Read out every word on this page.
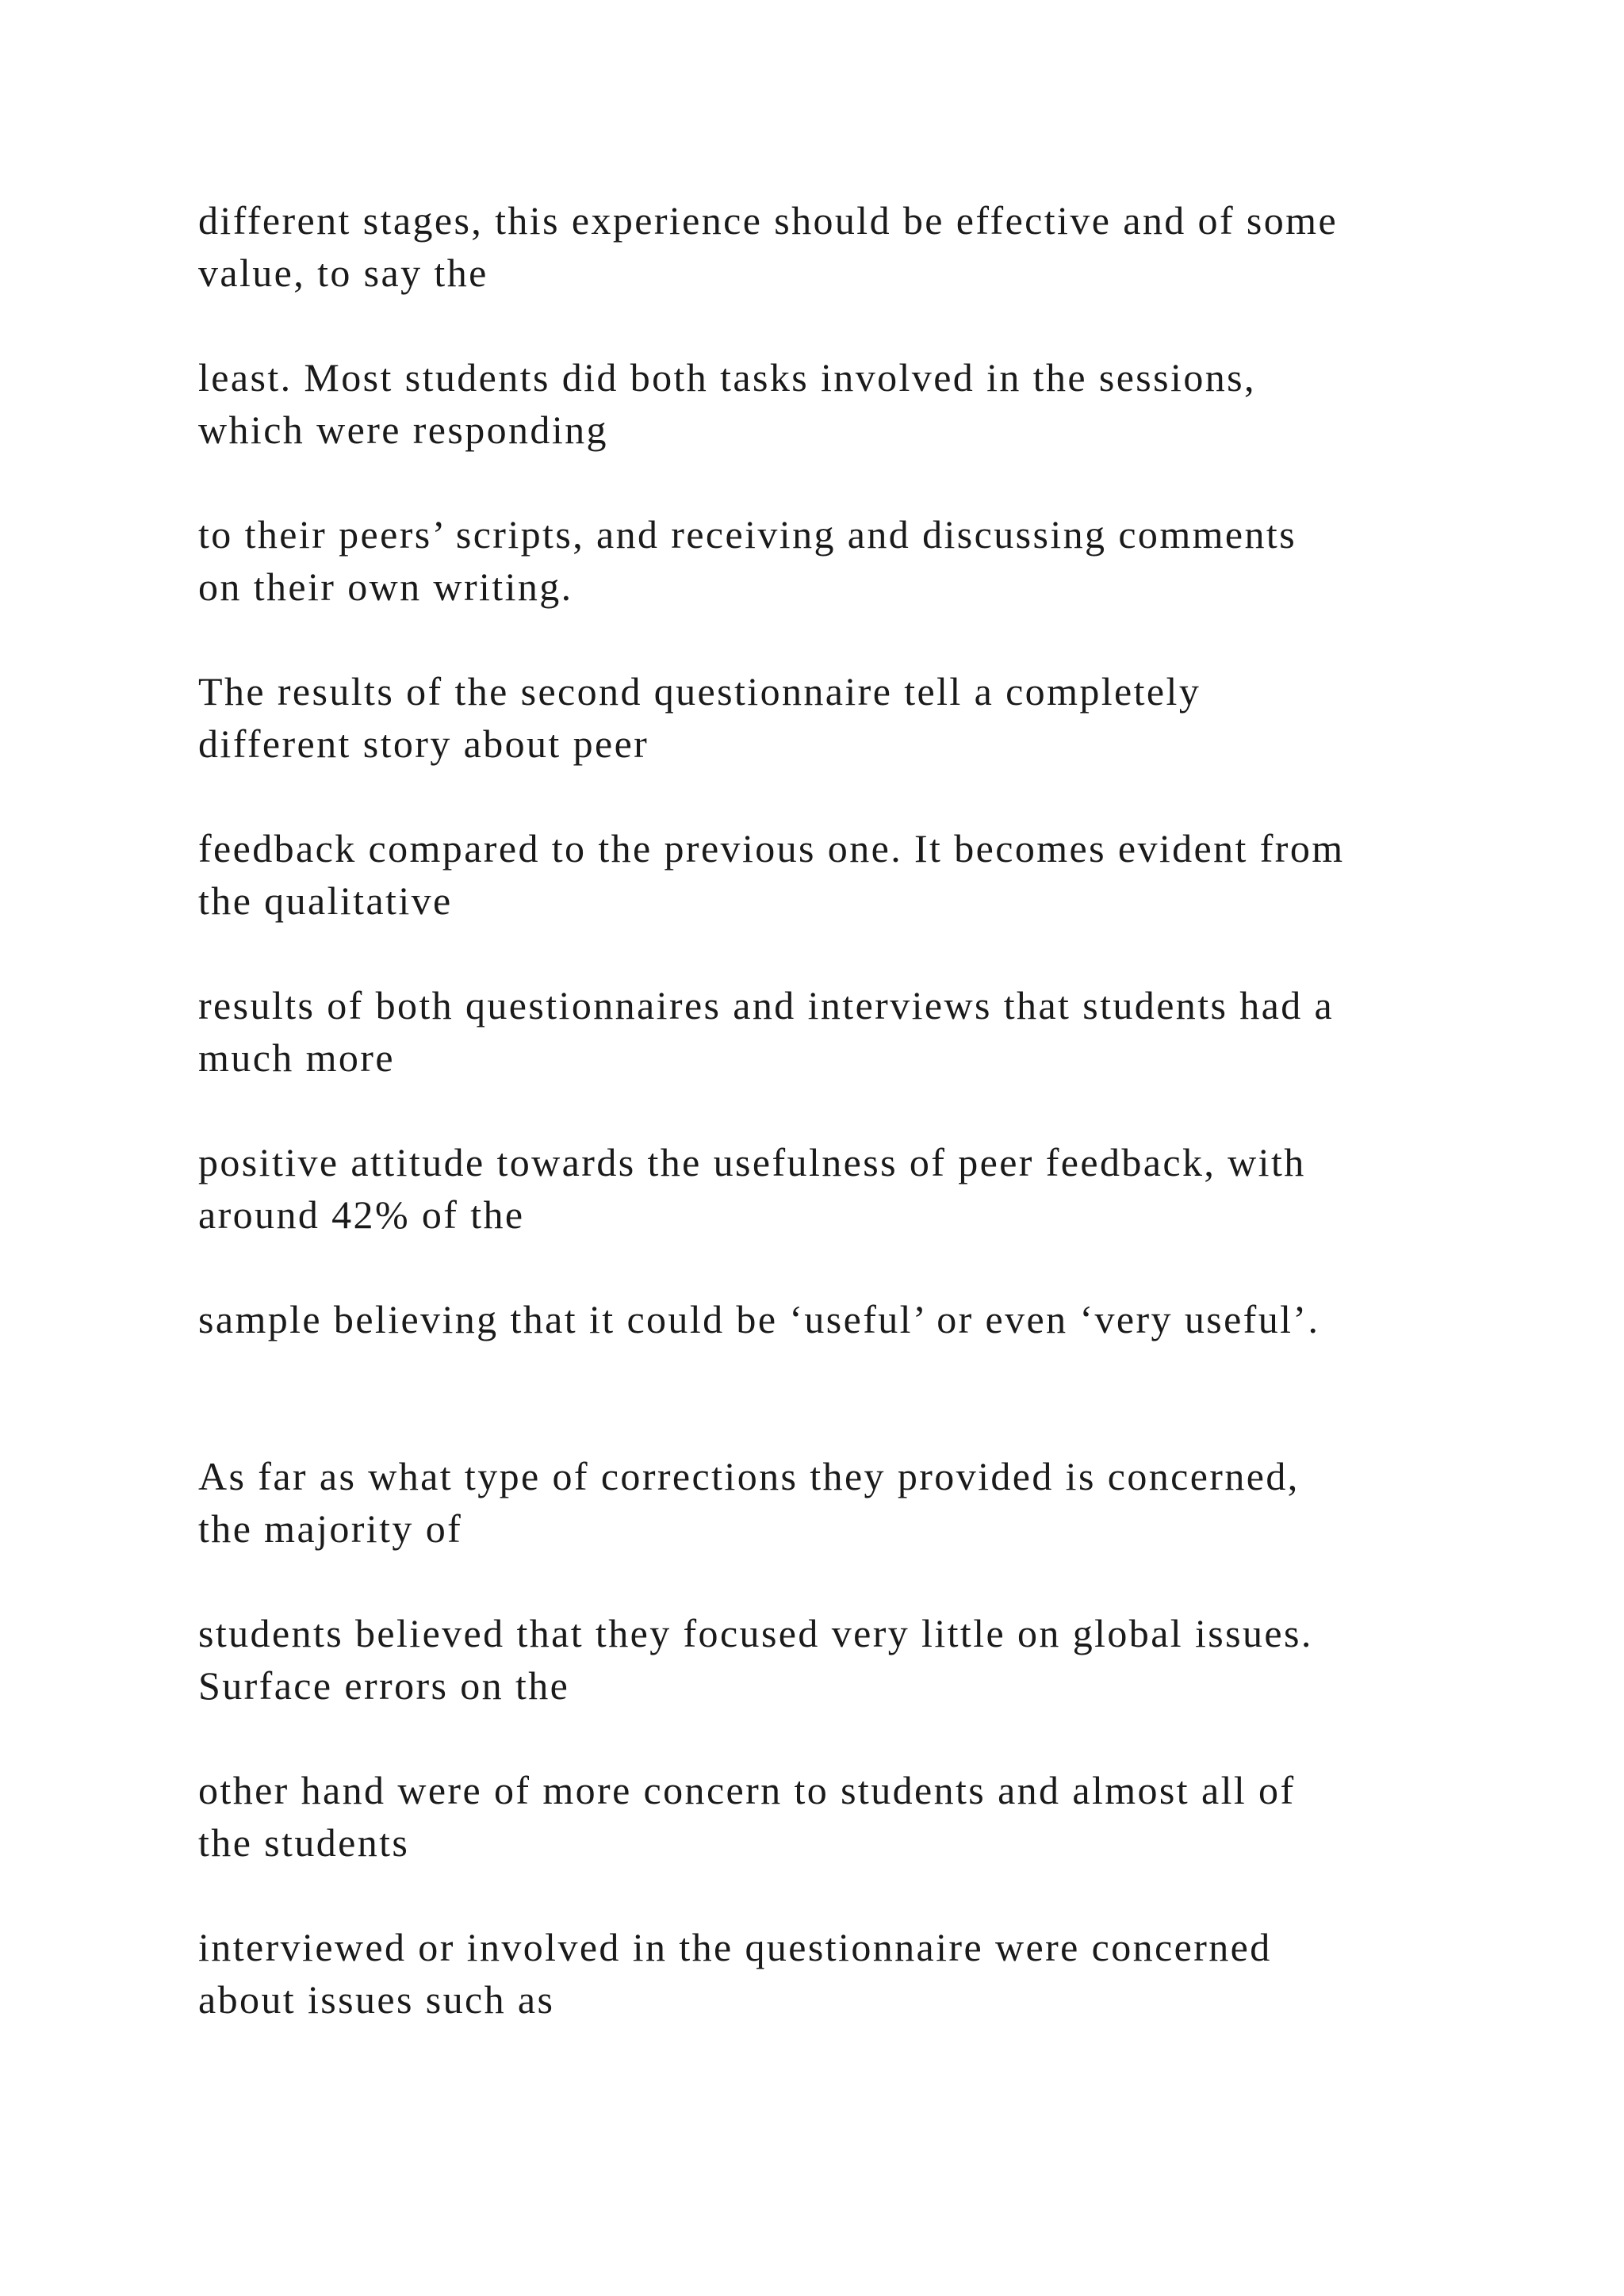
different stages, this experience should be effective and of some
value, to say the

least. Most students did both tasks involved in the sessions,
which were responding

to their peers’ scripts, and receiving and discussing comments
on their own writing.

The results of the second questionnaire tell a completely
different story about peer

feedback compared to the previous one. It becomes evident from
the qualitative

results of both questionnaires and interviews that students had a
much more

positive attitude towards the usefulness of peer feedback, with
around 42% of the

sample believing that it could be ‘useful’ or even ‘very useful’.

As far as what type of corrections they provided is concerned,
the majority of

students believed that they focused very little on global issues.
Surface errors on the

other hand were of more concern to students and almost all of
the students

interviewed or involved in the questionnaire were concerned
about issues such as
